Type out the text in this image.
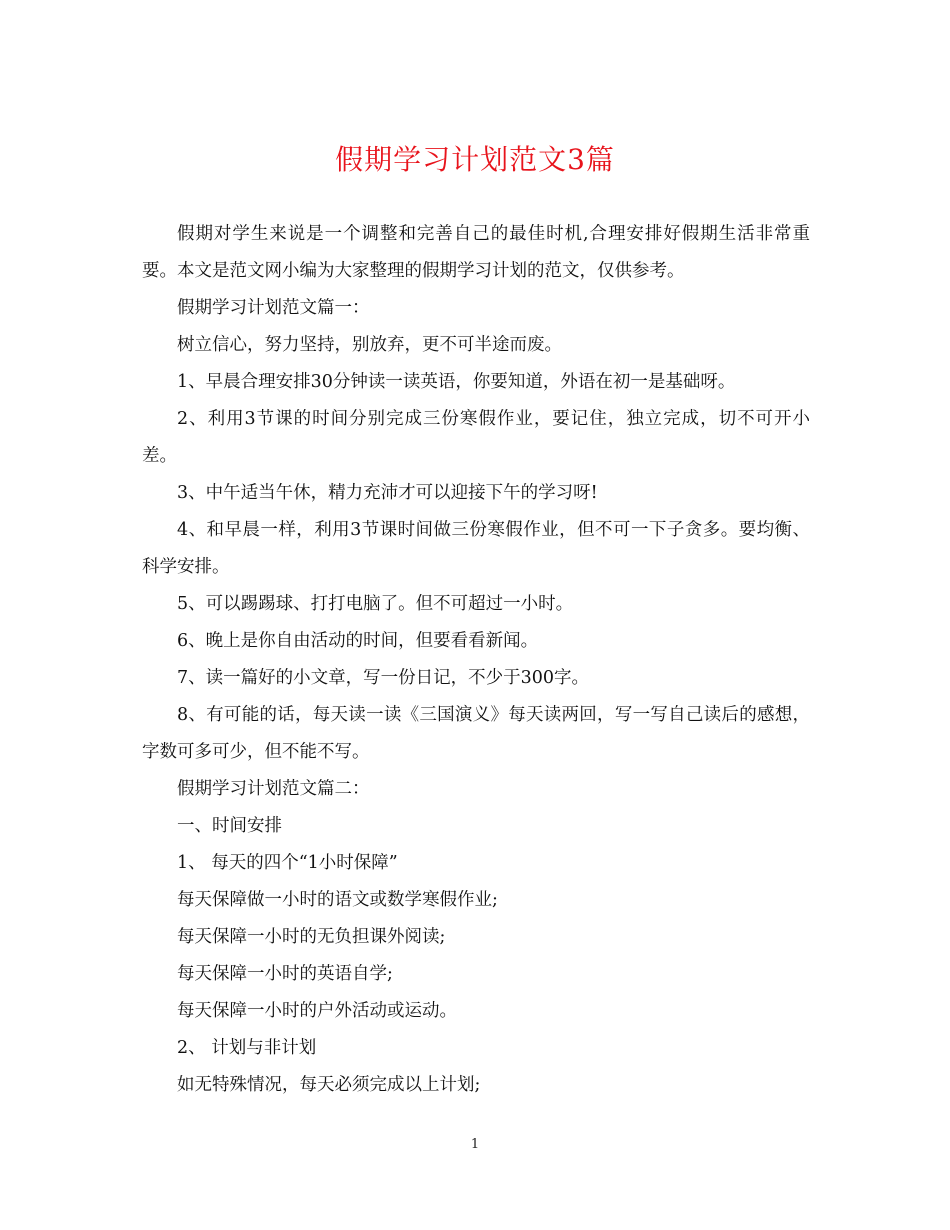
假期学习计划范文3篇

假期对学生来说是一个调整和完善自己的最佳时机,合理安排好假期生活非常重要。本文是范文网小编为大家整理的假期学习计划的范文，仅供参考。

假期学习计划范文篇一：

树立信心，努力坚持，别放弃，更不可半途而废。

1、早晨合理安排30分钟读一读英语，你要知道，外语在初一是基础呀。

2、利用3节课的时间分别完成三份寒假作业，要记住，独立完成，切不可开小差。

3、中午适当午休，精力充沛才可以迎接下午的学习呀!

4、和早晨一样，利用3节课时间做三份寒假作业，但不可一下子贪多。要均衡、科学安排。

5、可以踢踢球、打打电脑了。但不可超过一小时。

6、晚上是你自由活动的时间，但要看看新闻。

7、读一篇好的小文章，写一份日记，不少于300字。

8、有可能的话，每天读一读《三国演义》每天读两回，写一写自己读后的感想，字数可多可少，但不能不写。

假期学习计划范文篇二：

一、时间安排

1、 每天的四个“1小时保障”

每天保障做一小时的语文或数学寒假作业;

每天保障一小时的无负担课外阅读;

每天保障一小时的英语自学;

每天保障一小时的户外活动或运动。

2、 计划与非计划

如无特殊情况，每天必须完成以上计划;

1
